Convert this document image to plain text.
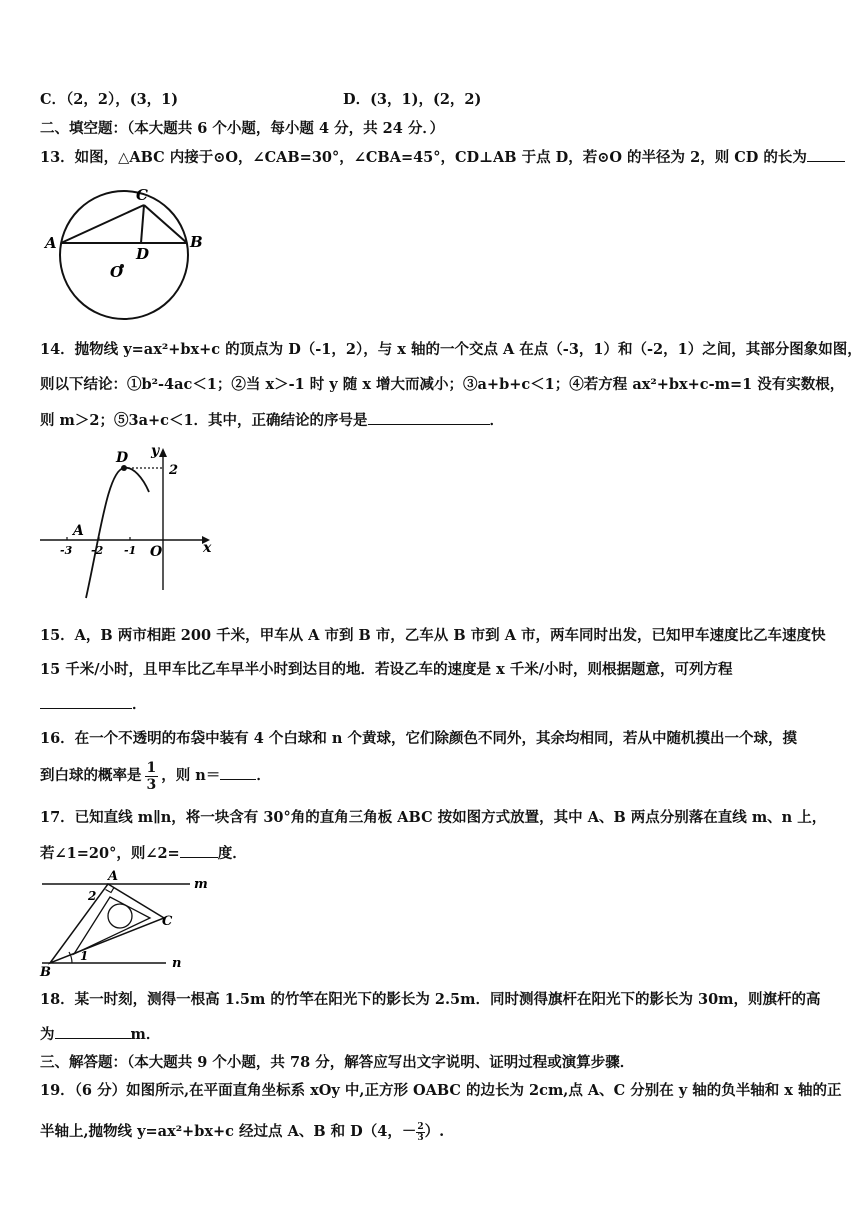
C．（2，2），(3，1)	D．(3，1)，(2，2)
二、填空题：（本大题共 6 个小题，每小题 4 分，共 24 分．）
13．如图，△ABC 内接于⊙O，∠CAB=30°，∠CBA=45°，CD⊥AB 于点 D，若⊙O 的半径为 2，则 CD 的长为
C
A	B
D
O
14．抛物线 y=ax²+bx+c 的顶点为 D（-1，2），与 x 轴的一个交点 A 在点（-3，1）和（-2，1）之间，其部分图象如图，
则以下结论：①b²-4ac＜1；②当 x＞-1 时 y 随 x 增大而减小；③a+b+c＜1；④若方程 ax²+bx+c-m=1 没有实数根，
则 m＞2；⑤3a+c＜1．其中，正确结论的序号是	．
y
x
D
A
O
2
-3 -2 -1
15．A，B 两市相距 200 千米，甲车从 A 市到 B 市，乙车从 B 市到 A 市，两车同时出发，已知甲车速度比乙车速度快
15 千米/小时，且甲车比乙车早半小时到达目的地．若设乙车的速度是 x 千米/小时，则根据题意，可列方程
．
16．在一个不透明的布袋中装有 4 个白球和 n 个黄球，它们除颜色不同外，其余均相同，若从中随机摸出一个球，摸
到白球的概率是 $\frac{1}{3}$ ，则 n＝ ．
17．已知直线 m∥n，将一块含有 30°角的直角三角板 ABC 按如图方式放置，其中 A、B 两点分别落在直线 m、n 上，
若∠1=20°，则∠2=	度．
A
B
C
m
n
1
2
18．某一时刻，测得一根高 1.5m 的竹竿在阳光下的影长为 2.5m．同时测得旗杆在阳光下的影长为 30m，则旗杆的高
为	m．
三、解答题：（本大题共 9 个小题，共 78 分，解答应写出文字说明、证明过程或演算步骤．
19．（6 分）如图所示,在平面直角坐标系 xOy 中,正方形 OABC 的边长为 2cm,点 A、C 分别在 y 轴的负半轴和 x 轴的正
半轴上,抛物线 y=ax²+bx+c 经过点 A、B 和 D（4，－ $\frac{2}{3}$ ）.
